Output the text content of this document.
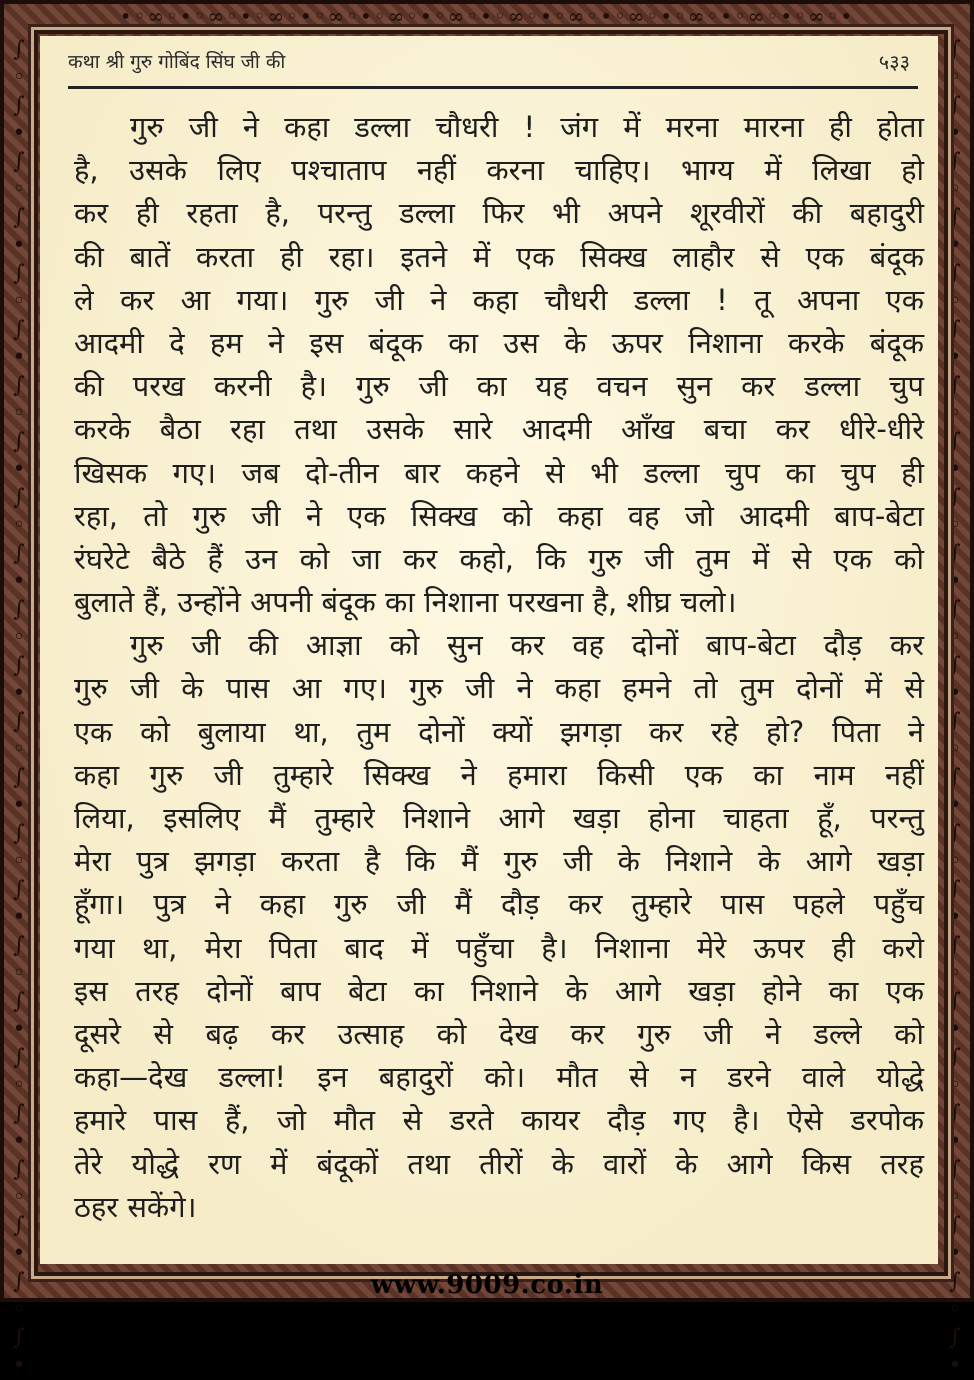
•◦∞◦•◦∞◦•◦∞◦•◦∞◦•◦∞◦•◦∞◦•◦∞◦•◦∞◦•◦∞◦•◦∞◦•◦∞◦•◦∞◦•
∫
◦
∫
•
∫
◦
∫
•
∫
◦
∫
•
∫
◦
∫
•
∫
◦
∫
•
∫
◦
∫
•
∫
◦
∫
•
∫
◦
∫
•
∫
◦
∫
•
∫
◦
∫
•
∫
◦
∫
•
∫
◦
∫
•
∫
◦
∫
•
∫
◦
∫
•
∫
◦
∫
•
∫
◦
∫
•
∫
◦
∫
•
∫
◦
∫
•
∫
◦
∫
•
∫
◦
∫
•
∫
◦
∫
•
∫
◦
∫
•
∫
◦
∫
•
∫
◦
∫
•
कथा श्री गुरु गोबिंद सिंघ जी की	५३३
गुरु जी ने कहा डल्ला चौधरी ! जंग में मरना मारना ही होता
है, उसके लिए पश्चाताप नहीं करना चाहिए। भाग्य में लिखा हो
कर ही रहता है, परन्तु डल्ला फिर भी अपने शूरवीरों की बहादुरी
की बातें करता ही रहा। इतने में एक सिक्ख लाहौर से एक बंदूक
ले कर आ गया। गुरु जी ने कहा चौधरी डल्ला ! तू अपना एक
आदमी दे हम ने इस बंदूक का उस के ऊपर निशाना करके बंदूक
की परख करनी है। गुरु जी का यह वचन सुन कर डल्ला चुप
करके बैठा रहा तथा उसके सारे आदमी आँख बचा कर धीरे-धीरे
खिसक गए। जब दो-तीन बार कहने से भी डल्ला चुप का चुप ही
रहा, तो गुरु जी ने एक सिक्ख को कहा वह जो आदमी बाप-बेटा
रंघरेटे बैठे हैं उन को जा कर कहो, कि गुरु जी तुम में से एक को
बुलाते हैं, उन्होंने अपनी बंदूक का निशाना परखना है, शीघ्र चलो।
गुरु जी की आज्ञा को सुन कर वह दोनों बाप-बेटा दौड़ कर
गुरु जी के पास आ गए। गुरु जी ने कहा हमने तो तुम दोनों में से
एक को बुलाया था, तुम दोनों क्यों झगड़ा कर रहे हो? पिता ने
कहा गुरु जी तुम्हारे सिक्ख ने हमारा किसी एक का नाम नहीं
लिया, इसलिए मैं तुम्हारे निशाने आगे खड़ा होना चाहता हूँ, परन्तु
मेरा पुत्र झगड़ा करता है कि मैं गुरु जी के निशाने के आगे खड़ा
हूँगा। पुत्र ने कहा गुरु जी मैं दौड़ कर तुम्हारे पास पहले पहुँच
गया था, मेरा पिता बाद में पहुँचा है। निशाना मेरे ऊपर ही करो
इस तरह दोनों बाप बेटा का निशाने के आगे खड़ा होने का एक
दूसरे से बढ़ कर उत्साह को देख कर गुरु जी ने डल्ले को
कहा—देख डल्ला! इन बहादुरों को। मौत से न डरने वाले योद्धे
हमारे पास हैं, जो मौत से डरते कायर दौड़ गए है। ऐसे डरपोक
तेरे योद्धे रण में बंदूकों तथा तीरों के वारों के आगे किस तरह
ठहर सकेंगे।
www.9009.co.in
